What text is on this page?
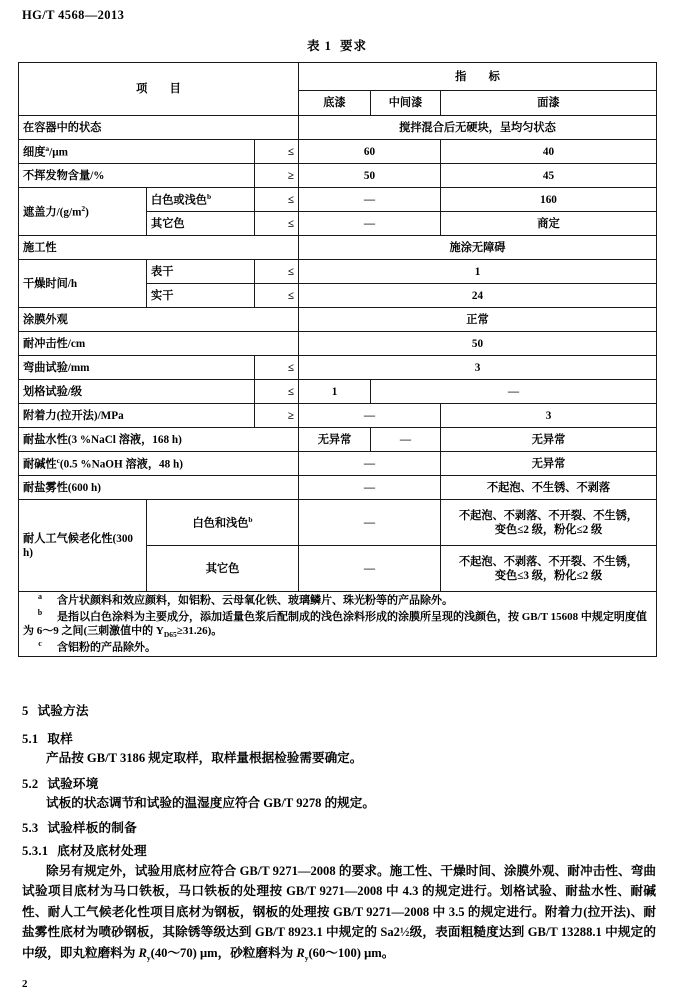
HG/T 4568—2013
表 1 要求
项　　目			指　　标		
			底漆	中间漆	面漆
在容器中的状态			搅拌混合后无硬块，呈均匀状态		
细度$^a$/μm		≤	60		40
不挥发物含量/%		≥	50		45
遮盖力$/(g/m^2)$	白色或浅色$^b$	≤	—		160
	其它色	≤	—		商定
施工性			施涂无障碍		
干燥时间/h	表干	≤	1		
	实干	≤	24		
涂膜外观			正常		
耐冲击性/cm			50		
弯曲试验/mm		≤	3		
划格试验/级		≤	1	—	
附着力(拉开法)/MPa		≥	—		3
耐盐水性(3 %NaCl 溶液，168 h)			无异常	—	无异常
耐碱性$^c$(0.5 %NaOH 溶液，48 h)			—		无异常
耐盐雾性(600 h)			—		不起泡、不生锈、不剥落
耐人工气候老化性(300 h)	白色和浅色$^b$		—		不起泡、不剥落、不开裂、不生锈，
变色≤2 级，粉化≤2 级

	其它色		—		不起泡、不剥落、不开裂、不生锈，
变色≤3 级，粉化≤2 级

a 含片状颜料和效应颜料，如铝粉、云母氧化铁、玻璃鳞片、珠光粉等的产品除外。
b 是指以白色涂料为主要成分，添加适量色浆后配制成的浅色涂料形成的涂膜所呈现的浅颜色，按 GB/T 15608 中规定明度值为 6～9 之间(三刺激值中的 $Y_{D65}\ge 31.26$)。
c 含铝粉的产品除外。					
5 试验方法
5.1 取样

产品按 GB/T 3186 规定取样，取样量根据检验需要确定。

5.2 试验环境

试板的状态调节和试验的温湿度应符合 GB/T 9278 的规定。

5.3 试验样板的制备
5.3.1 底材及底材处理

除另有规定外，试验用底材应符合 GB/T 9271—2008 的要求。施工性、干燥时间、涂膜外观、耐冲击性、弯曲试验项目底材为马口铁板，马口铁板的处理按 GB/T 9271—2008 中 4.3 的规定进行。划格试验、耐盐水性、耐碱性、耐人工气候老化性项目底材为钢板，钢板的处理按 GB/T 9271—2008 中 3.5 的规定进行。附着力(拉开法)、耐盐雾性底材为喷砂钢板，其除锈等级达到 GB/T 8923.1 中规定的 Sa2½级，表面粗糙度达到 GB/T 13288.1 中规定的中级，即丸粒磨料为 $R_y(40\sim 70)$ μm，砂粒磨料为 $R_y(60\sim 100)$ μm。

2
